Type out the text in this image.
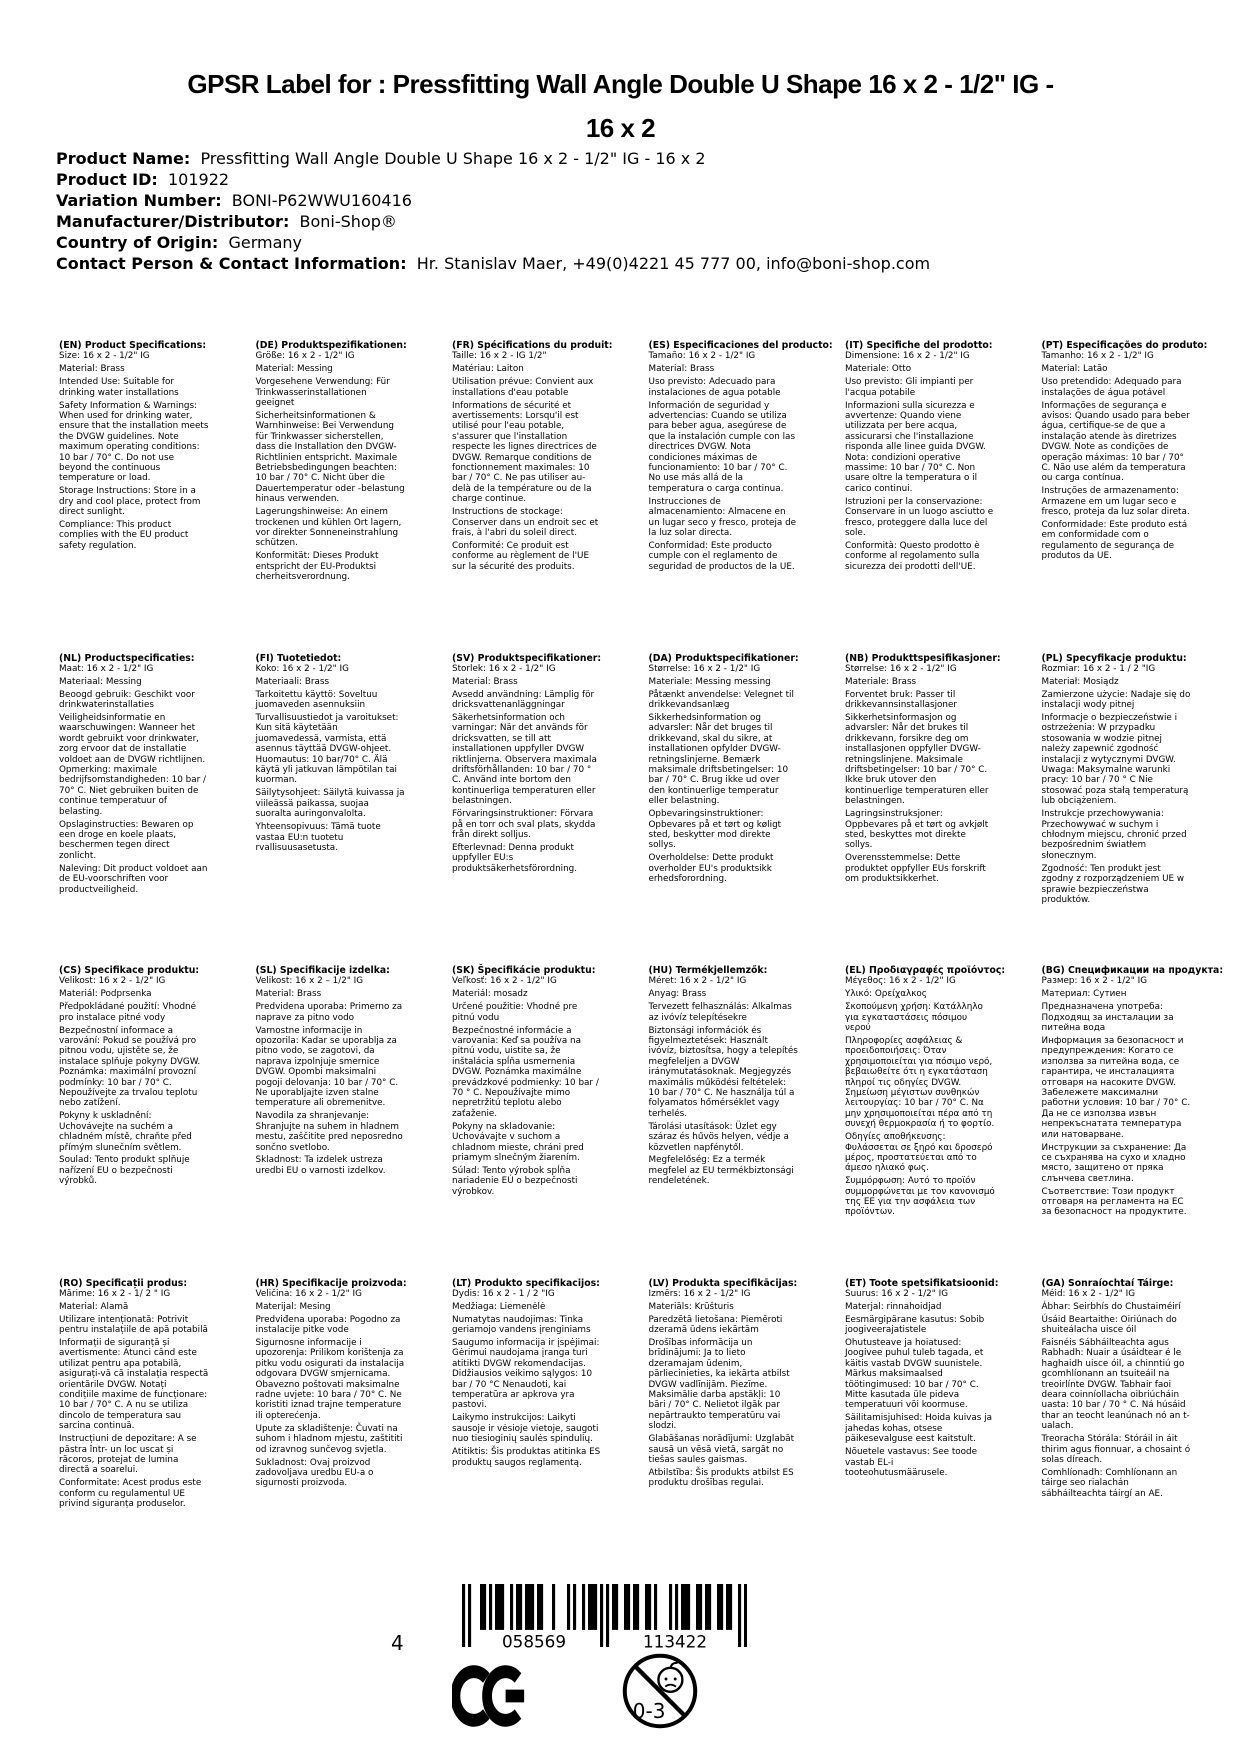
GPSR Label for : Pressfitting Wall Angle Double U Shape 16 x 2 - 1/2" IG - 16 x 2
Product Name:  Pressfitting Wall Angle Double U Shape 16 x 2 - 1/2" IG - 16 x 2
Product ID:  101922
Variation Number:  BONI-P62WWU160416
Manufacturer/Distributor:  Boni-Shop®
Country of Origin:  Germany
Contact Person & Contact Information:  Hr. Stanislav Maer, +49(0)4221 45 777 00, info@boni-shop.com
(EN) Product Specifications:

Size: 16 x 2 - 1/2" IG

Material: Brass

Intended Use: Suitable for drinking water installations

Safety Information & Warnings: When used for drinking water, ensure that the installation meets the DVGW guidelines. Note maximum operating conditions: 10 bar / 70° C. Do not use beyond the continuous temperature or load.

Storage Instructions: Store in a dry and cool place, protect from direct sunlight.

Compliance: This product complies with the EU product safety regulation.

(DE) Produktspezifikationen:

Größe: 16 x 2 - 1/2" IG

Material: Messing

Vorgesehene Verwendung: Für Trinkwasserinstallationen geeignet

Sicherheitsinformationen & Warnhinweise: Bei Verwendung für Trinkwasser sicherstellen, dass die Installation den DVGW-Richtlinien entspricht. Maximale Betriebsbedingungen beachten: 10 bar / 70° C. Nicht über die Dauertemperatur oder -belastung hinaus verwenden.

Lagerungshinweise: An einem trockenen und kühlen Ort lagern, vor direkter Sonneneinstrahlung schützen.

Konformität: Dieses Produkt entspricht der EU-Produktsi cherheitsverordnung.

(FR) Spécifications du produit:

Taille: 16 x 2 - IG 1/2"

Matériau: Laiton

Utilisation prévue: Convient aux installations d'eau potable

Informations de sécurité et avertissements: Lorsqu'il est utilisé pour l'eau potable, s'assurer que l'installation respecte les lignes directrices de DVGW. Remarque conditions de fonctionnement maximales: 10 bar / 70° C. Ne pas utiliser au-delà de la température ou de la charge continue.

Instructions de stockage: Conserver dans un endroit sec et frais, à l'abri du soleil direct.

Conformité: Ce produit est conforme au règlement de l'UE sur la sécurité des produits.

(ES) Especificaciones del producto:

Tamaño: 16 x 2 - 1/2" IG

Material: Brass

Uso previsto: Adecuado para instalaciones de agua potable

Información de seguridad y advertencias: Cuando se utiliza para beber agua, asegúrese de que la instalación cumple con las directrices DVGW. Nota condiciones máximas de funcionamiento: 10 bar / 70° C. No use más allá de la temperatura o carga continua.

Instrucciones de almacenamiento: Almacene en un lugar seco y fresco, proteja de la luz solar directa.

Conformidad: Este producto cumple con el reglamento de seguridad de productos de la UE.

(IT) Specifiche del prodotto:

Dimensione: 16 x 2 - 1/2" IG

Materiale: Otto

Uso previsto: Gli impianti per l'acqua potabile

Informazioni sulla sicurezza e avvertenze: Quando viene utilizzata per bere acqua, assicurarsi che l'installazione risponda alle linee guida DVGW. Nota: condizioni operative massime: 10 bar / 70° C. Non usare oltre la temperatura o il carico continui.

Istruzioni per la conservazione: Conservare in un luogo asciutto e fresco, proteggere dalla luce del sole.

Conformità: Questo prodotto è conforme al regolamento sulla sicurezza dei prodotti dell'UE.

(PT) Especificações do produto:

Tamanho: 16 x 2 - 1/2" IG

Material: Latão

Uso pretendido: Adequado para instalações de água potável

Informações de segurança e avisos: Quando usado para beber água, certifique-se de que a instalação atende às diretrizes DVGW. Note as condições de operação máximas: 10 bar / 70° C. Não use além da temperatura ou carga contínua.

Instruções de armazenamento: Armazene em um lugar seco e fresco, proteja da luz solar direta.

Conformidade: Este produto está em conformidade com o regulamento de segurança de produtos da UE.

(NL) Productspecificaties:

Maat: 16 x 2 - 1/2" IG

Materiaal: Messing

Beoogd gebruik: Geschikt voor drinkwaterinstallaties

Veiligheidsinformatie en waarschuwingen: Wanneer het wordt gebruikt voor drinkwater, zorg ervoor dat de installatie voldoet aan de DVGW richtlijnen. Opmerking: maximale bedrijfsomstandigheden: 10 bar / 70° C. Niet gebruiken buiten de continue temperatuur of belasting.

Opslaginstructies: Bewaren op een droge en koele plaats, beschermen tegen direct zonlicht.

Naleving: Dit product voldoet aan de EU-voorschriften voor productveiligheid.

(FI) Tuotetiedot:

Koko: 16 x 2 - 1/2" IG

Materiaali: Brass

Tarkoitettu käyttö: Soveltuu juomaveden asennuksiin

Turvallisuustiedot ja varoitukset: Kun sitä käytetään juomavedessä, varmista, että asennus täyttää DVGW-ohjeet. Huomautus: 10 bar/70° C. Älä käytä yli jatkuvan lämpötilan tai kuorman.

Säilytysohjeet: Säilytä kuivassa ja viileässä paikassa, suojaa suoralta auringonvalolta.

Yhteensopivuus: Tämä tuote vastaa EU:n tuotetu rvallisuusasetusta.

(SV) Produktspecifikationer:

Storlek: 16 x 2 - 1/2" IG

Material: Brass

Avsedd användning: Lämplig för dricksvattenanläggningar

Säkerhetsinformation och varningar: När det används för dricksvatten, se till att installationen uppfyller DVGW riktlinjerna. Observera maximala driftsförhållanden: 10 bar / 70 ° C. Använd inte bortom den kontinuerliga temperaturen eller belastningen.

Förvaringsinstruktioner: Förvara på en torr och sval plats, skydda från direkt solljus.

Efterlevnad: Denna produkt uppfyller EU:s produktsäkerhetsförordning.

(DA) Produktspecifikationer:

Størrelse: 16 x 2 - 1/2" IG

Materiale: Messing messing

Påtænkt anvendelse: Velegnet til drikkevandsanlæg

Sikkerhedsinformation og advarsler: Når det bruges til drikkevand, skal du sikre, at installationen opfylder DVGW-retningslinjerne. Bemærk maksimale driftsbetingelser: 10 bar / 70° C. Brug ikke ud over den kontinuerlige temperatur eller belastning.

Opbevaringsinstruktioner: Opbevares på et tørt og køligt sted, beskytter mod direkte sollys.

Overholdelse: Dette produkt overholder EU's produktsikk erhedsforordning.

(NB) Produkttspesifikasjoner:

Størrelse: 16 x 2 - 1/2" IG

Materiale: Brass

Forventet bruk: Passer til drikkevannsinstallasjoner

Sikkerhetsinformasjon og advarsler: Når det brukes til drikkevann, forsikre deg om installasjonen oppfyller DVGW-retningslinjene. Maksimale driftsbetingelser: 10 bar / 70° C. Ikke bruk utover den kontinuerlige temperaturen eller belastningen.

Lagringsinstruksjoner: Oppbevares på et tørt og avkjølt sted, beskyttes mot direkte sollys.

Overensstemmelse: Dette produktet oppfyller EUs forskrift om produktsikkerhet.

(PL) Specyfikacje produktu:

Rozmiar: 16 x 2 - 1 / 2 "IG

Materiał: Mosiądz

Zamierzone użycie: Nadaje się do instalacji wody pitnej

Informacje o bezpieczeństwie i ostrzeżenia: W przypadku stosowania w wodzie pitnej należy zapewnić zgodność instalacji z wytycznymi DVGW. Uwaga: Maksymalne warunki pracy: 10 bar / 70 ° C Nie stosować poza stałą temperaturą lub obciążeniem.

Instrukcje przechowywania: Przechowywać w suchym i chłodnym miejscu, chronić przed bezpośrednim światłem słonecznym.

Zgodność: Ten produkt jest zgodny z rozporządzeniem UE w sprawie bezpieczeństwa produktów.

(CS) Specifikace produktu:

Velikost: 16 x 2 - 1/2" IG

Materiál: Podprsenka

Předpokládané použití: Vhodné pro instalace pitné vody

Bezpečnostní informace a varování: Pokud se používá pro pitnou vodu, ujistěte se, že instalace splňuje pokyny DVGW. Poznámka: maximální provozní podmínky: 10 bar / 70° C. Nepoužívejte za trvalou teplotu nebo zatížení.

Pokyny k uskladnění: Uchovávejte na suchém a chladném místě, chraňte před přímým slunečním světlem.

Soulad: Tento produkt splňuje nařízení EU o bezpečnosti výrobků.

(SL) Specifikacije izdelka:

Velikost: 16 x 2 – 1/2" IG

Material: Brass

Predvidena uporaba: Primerno za naprave za pitno vodo

Varnostne informacije in opozorila: Kadar se uporablja za pitno vodo, se zagotovi, da naprava izpolnjuje smernice DVGW. Opombi maksimalni pogoji delovanja: 10 bar / 70° C. Ne uporabljajte izven stalne temperature ali obremenitve.

Navodila za shranjevanje: Shranjujte na suhem in hladnem mestu, zaščitite pred neposredno sončno svetlobo.

Skladnost: Ta izdelek ustreza uredbi EU o varnosti izdelkov.

(SK) Špecifikácie produktu:

Veľkosť: 16 x 2 - 1/2" IG

Materiál: mosadz

Určené použitie: Vhodné pre pitnú vodu

Bezpečnostné informácie a varovania: Keď sa používa na pitnú vodu, uistite sa, že inštalácia spĺňa usmernenia DVGW. Poznámka maximálne prevádzkové podmienky: 10 bar / 70 ° C. Nepoužívajte mimo nepretržitú teplotu alebo zaťaženie.

Pokyny na skladovanie: Uchovávajte v suchom a chladnom mieste, chráni pred priamym slnečným žiarením.

Súlad: Tento výrobok spĺňa nariadenie EÚ o bezpečnosti výrobkov.

(HU) Termékjellemzők:

Méret: 16 x 2 - 1/2" IG

Anyag: Brass

Tervezett felhasználás: Alkalmas az ivóvíz telepítésekre

Biztonsági információk és figyelmeztetések: Használt ivóvíz, biztosítsa, hogy a telepítés megfeleljen a DVGW iránymutatásoknak. Megjegyzés maximális működési feltételek: 10 bar / 70° C. Ne használja túl a folyamatos hőmérséklet vagy terhelés.

Tárolási utasítások: Üzlet egy száraz és hűvös helyen, védje a közvetlen napfénytől.

Megfelelőség: Ez a termék megfelel az EU termékbiztonsági rendeletének.

(EL) Προδιαγραφές προϊόντος:

Μέγεθος: 16 x 2 - 1/2" IG

Υλικό: Ορείχαλκος

Σκοπούμενη χρήση: Κατάλληλο για εγκαταστάσεις πόσιμου νερού

Πληροφορίες ασφάλειας & προειδοποιήσεις: Όταν χρησιμοποιείται για πόσιμο νερό, βεβαιωθείτε ότι η εγκατάσταση πληροί τις οδηγίες DVGW. Σημείωση μέγιστων συνθηκών λειτουργίας: 10 bar / 70° C. Να μην χρησιμοποιείται πέρα από τη συνεχή θερμοκρασία ή το φορτίο.

Οδηγίες αποθήκευσης: Φυλάσσεται σε ξηρό και δροσερό μέρος, προστατεύεται από το άμεσο ηλιακό φως.

Συμμόρφωση: Αυτό το προϊόν συμμορφώνεται με τον κανονισμό της ΕΕ για την ασφάλεια των προϊόντων.

(BG) Спецификации на продукта:

Размер: 16 x 2 - 1/2" IG

Материал: Сутиен

Предназначена употреба: Подходящ за инсталации за питейна вода

Информация за безопасност и предупреждения: Когато се използва за питейна вода, се гарантира, че инсталацията отговаря на насоките DVGW. Забележете максимални работни условия: 10 bar / 70° C. Да не се използва извън непрекъснатата температура или натоварване.

Инструкции за съхранение: Да се съхранява на сухо и хладно място, защитено от пряка слънчева светлина.

Съответствие: Този продукт отговаря на регламента на ЕС за безопасност на продуктите.

(RO) Specificații produs:

Mărime: 16 x 2 - 1/ 2 " IG

Material: Alamă

Utilizare intenționată: Potrivit pentru instalațiile de apă potabilă

Informații de siguranță și avertismente: Atunci când este utilizat pentru apa potabilă, asigurați-vă că instalația respectă orientările DVGW. Notați condițiile maxime de funcționare: 10 bar / 70° C. A nu se utiliza dincolo de temperatura sau sarcina continuă.

Instrucțiuni de depozitare: A se păstra într- un loc uscat și răcoros, protejat de lumina directă a soarelui.

Conformitate: Acest produs este conform cu regulamentul UE privind siguranța produselor.

(HR) Specifikacije proizvoda:

Veličina: 16 x 2 - 1/2" IG

Materijal: Mesing

Predviđena uporaba: Pogodno za instalacije pitke vode

Sigurnosne informacije i upozorenja: Prilikom korištenja za pitku vodu osigurati da instalacija odgovara DVGW smjernicama. Obavezno poštovati maksimalne radne uvjete: 10 bara / 70° C. Ne koristiti iznad trajne temperature ili opterećenja.

Upute za skladištenje: Čuvati na suhom i hladnom mjestu, zaštititi od izravnog sunčevog svjetla.

Sukladnost: Ovaj proizvod zadovoljava uredbu EU-a o sigurnosti proizvoda.

(LT) Produkto specifikacijos:

Dydis: 16 x 2 - 1 / 2 "IG

Medžiaga: Liemenėlė

Numatytas naudojimas: Tinka geriamojo vandens įrenginiams

Saugumo informacija ir įspėjimai: Gėrimui naudojama įranga turi atitikti DVGW rekomendacijas. Didžiausios veikimo sąlygos: 10 bar / 70 °C Nenaudoti, kai temperatūra ar apkrova yra pastovi.

Laikymo instrukcijos: Laikyti sausoje ir vėsioje vietoje, saugoti nuo tiesioginių saulės spindulių.

Atitiktis: Šis produktas atitinka ES produktų saugos reglamentą.

(LV) Produkta specifikācijas:

Izmērs: 16 x 2 - 1/2" IG

Materiāls: Krūšturis

Paredzētā lietošana: Piemēroti dzeramā ūdens iekārtām

Drošības informācija un brīdinājumi: Ja to lieto dzeramajam ūdenim, pārliecinieties, ka iekārta atbilst DVGW vadlīnijām. Piezīme. Maksimālie darba apstākļi: 10 bāri / 70° C. Nelietot ilgāk par nepārtraukto temperatūru vai slodzi.

Glabāšanas norādījumi: Uzglabāt sausā un vēsā vietā, sargāt no tiešas saules gaismas.

Atbilstība: Šis produkts atbilst ES produktu drošības regulai.

(ET) Toote spetsifikatsioonid:

Suurus: 16 x 2 - 1/2" IG

Materjal: rinnahoidjad

Eesmärgipärane kasutus: Sobib joogiveerajatistele

Ohutusteave ja hoiatused: Joogivee puhul tuleb tagada, et käitis vastab DVGW suunistele. Märkus maksimaalsed töötingimused: 10 bar / 70° C. Mitte kasutada üle pideva temperatuuri või koormuse.

Säilitamisjuhised: Hoida kuivas ja jahedas kohas, otsese päikesevalguse eest kaitstult.

Nõuetele vastavus: See toode vastab EL-i tooteohutusmäärusele.

(GA) Sonraíochtaí Táirge:

Méid: 16 x 2 - 1/2" IG

Ábhar: Seirbhís do Chustaiméirí

Úsáid Beartaithe: Oiriúnach do shuiteálacha uisce óil

Faisnéis Sábháilteachta agus Rabhadh: Nuair a úsáidtear é le haghaidh uisce óil, a chinntiú go gcomhlíonann an tsuiteáil na treoirlínte DVGW. Tabhair faoi deara coinníollacha oibriúcháin uasta: 10 bar / 70 ° C. Ná húsáid thar an teocht leanúnach nó an t-ualach.

Treoracha Stórála: Stóráil in áit thirim agus fionnuar, a chosaint ó solas díreach.

Comhlíonadh: Comhlíonann an táirge seo rialachán sábháilteachta táirgí an AE.

4	058569	113422
0-3
